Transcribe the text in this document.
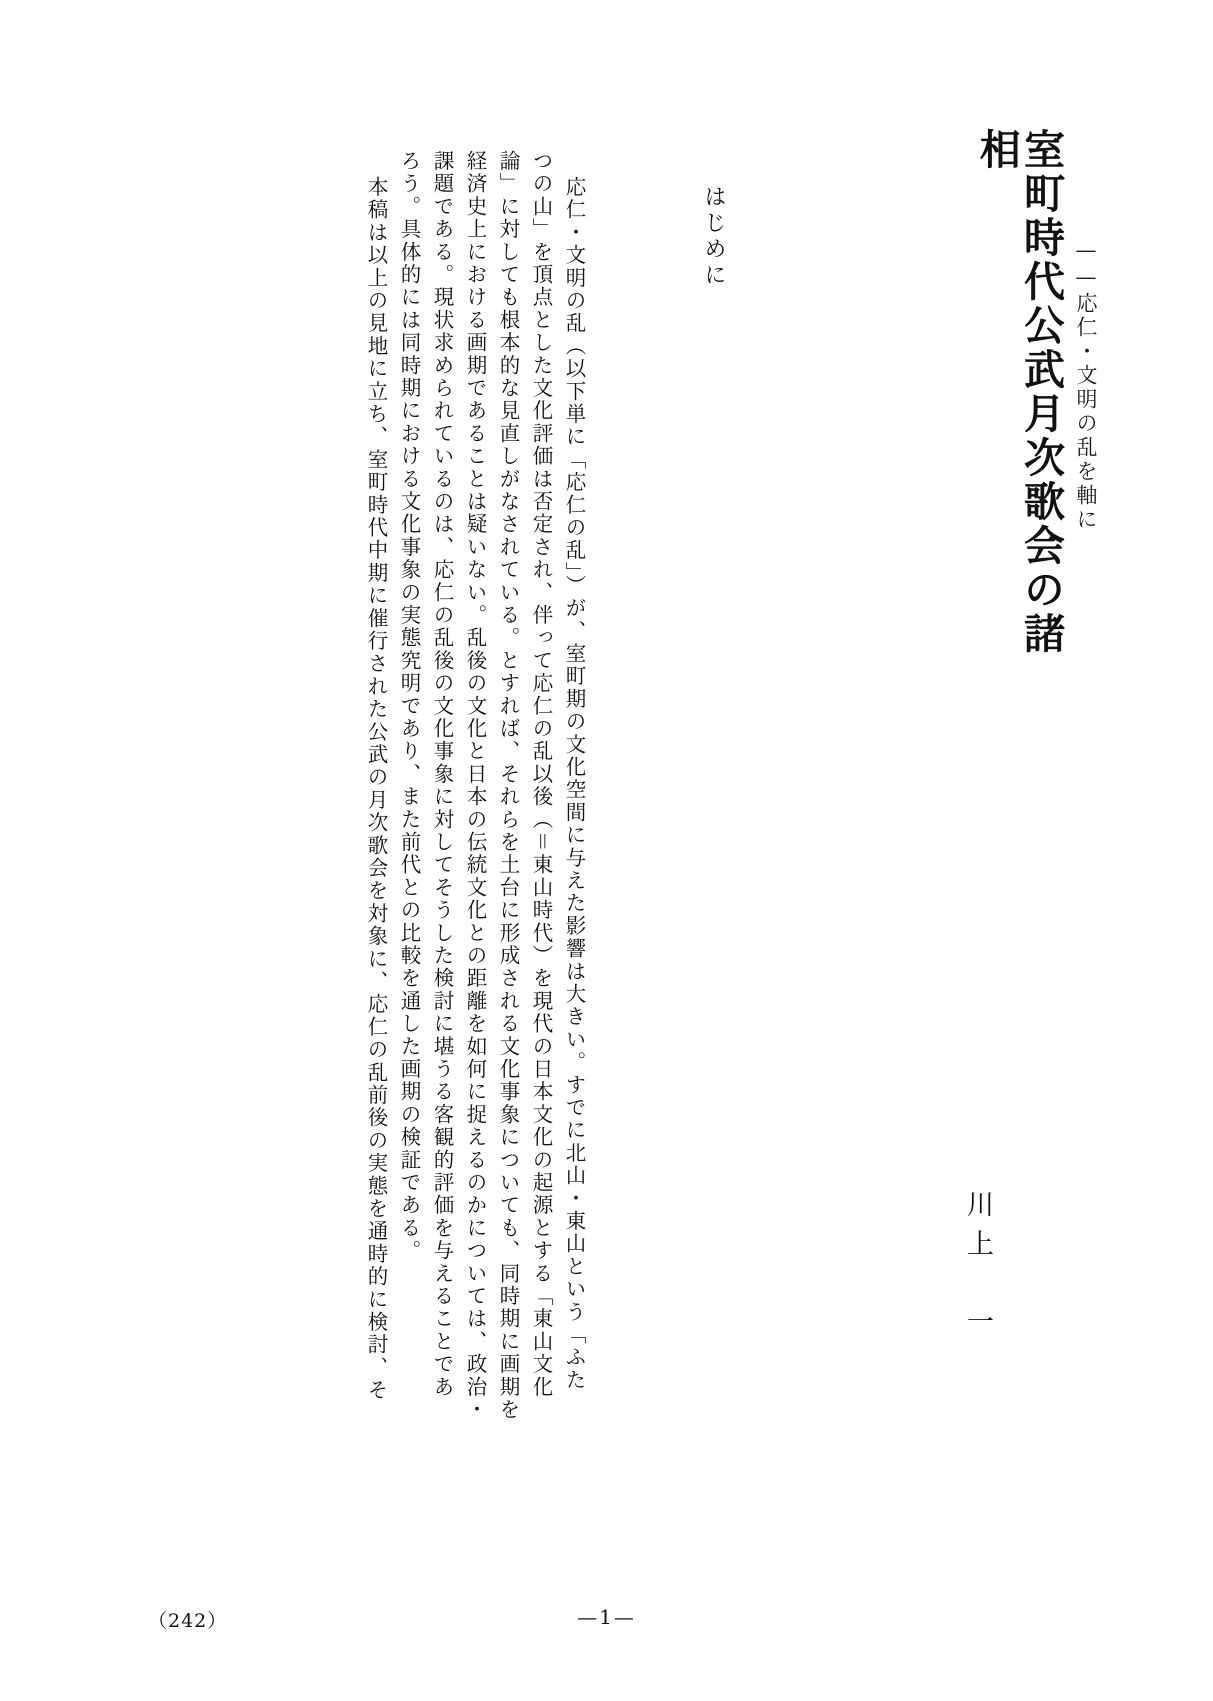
室町時代公武月次歌会の諸相
——応仁・文明の乱を軸に
川上　一
はじめに
応仁・文明の乱（以下単に「応仁の乱」）が、室町期の文化空間に与えた影響は大きい。すでに北山・東山という「ふた
つの山」を頂点とした文化評価は否定され、伴って応仁の乱以後（＝東山時代）を現代の日本文化の起源とする「東山文化
論」に対しても根本的な見直しがなされている。とすれば、それらを土台に形成される文化事象についても、同時期に画期を
経済史上における画期であることは疑いない。乱後の文化と日本の伝統文化との距離を如何に捉えるのかについては、政治・
課題である。現状求められているのは、応仁の乱後の文化事象に対してそうした検討に堪うる客観的評価を与えることであ
ろう。具体的には同時期における文化事象の実態究明であり、また前代との比較を通した画期の検証である。
本稿は以上の見地に立ち、室町時代中期に催行された公武の月次歌会を対象に、応仁の乱前後の実態を通時的に検討、そ
—1—
（242）
